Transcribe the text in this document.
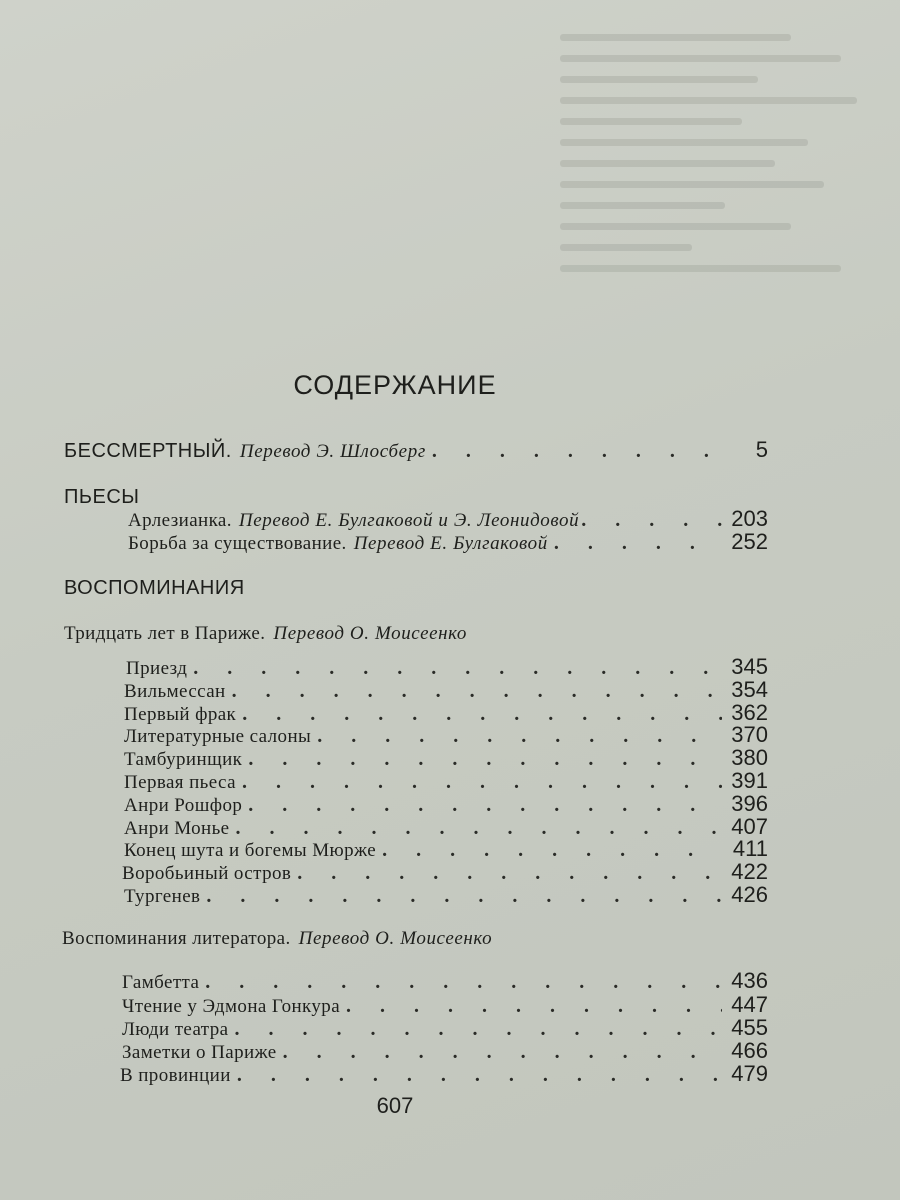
СОДЕРЖАНИЕ
БЕССМЕРТНЫЙ. Перевод Э. Шлосберг . . .	5
ПЬЕСЫ
Арлезианка. Перевод Е. Булгаковой и Э. Леонидовой . . .	203
Борьба за существование. Перевод Е. Булгаковой . . .	252
ВОСПОМИНАНИЯ
Тридцать лет в Париже. Перевод О. Моисеенко
Приезд . . .	345
Вильмессан . . .	354
Первый фрак . . .	362
Литературные салоны . . .	370
Тамбуринщик . . .	380
Первая пьеса . . .	391
Анри Рошфор . . .	396
Анри Монье . . .	407
Конец шута и богемы Мюрже . . .	411
Воробьиный остров . . .	422
Тургенев . . .	426
Воспоминания литератора. Перевод О. Моисеенко
Гамбетта . . .	436
Чтение у Эдмона Гонкура . . .	447
Люди театра . . .	455
Заметки о Париже . . .	466
В провинции . . .	479
607
